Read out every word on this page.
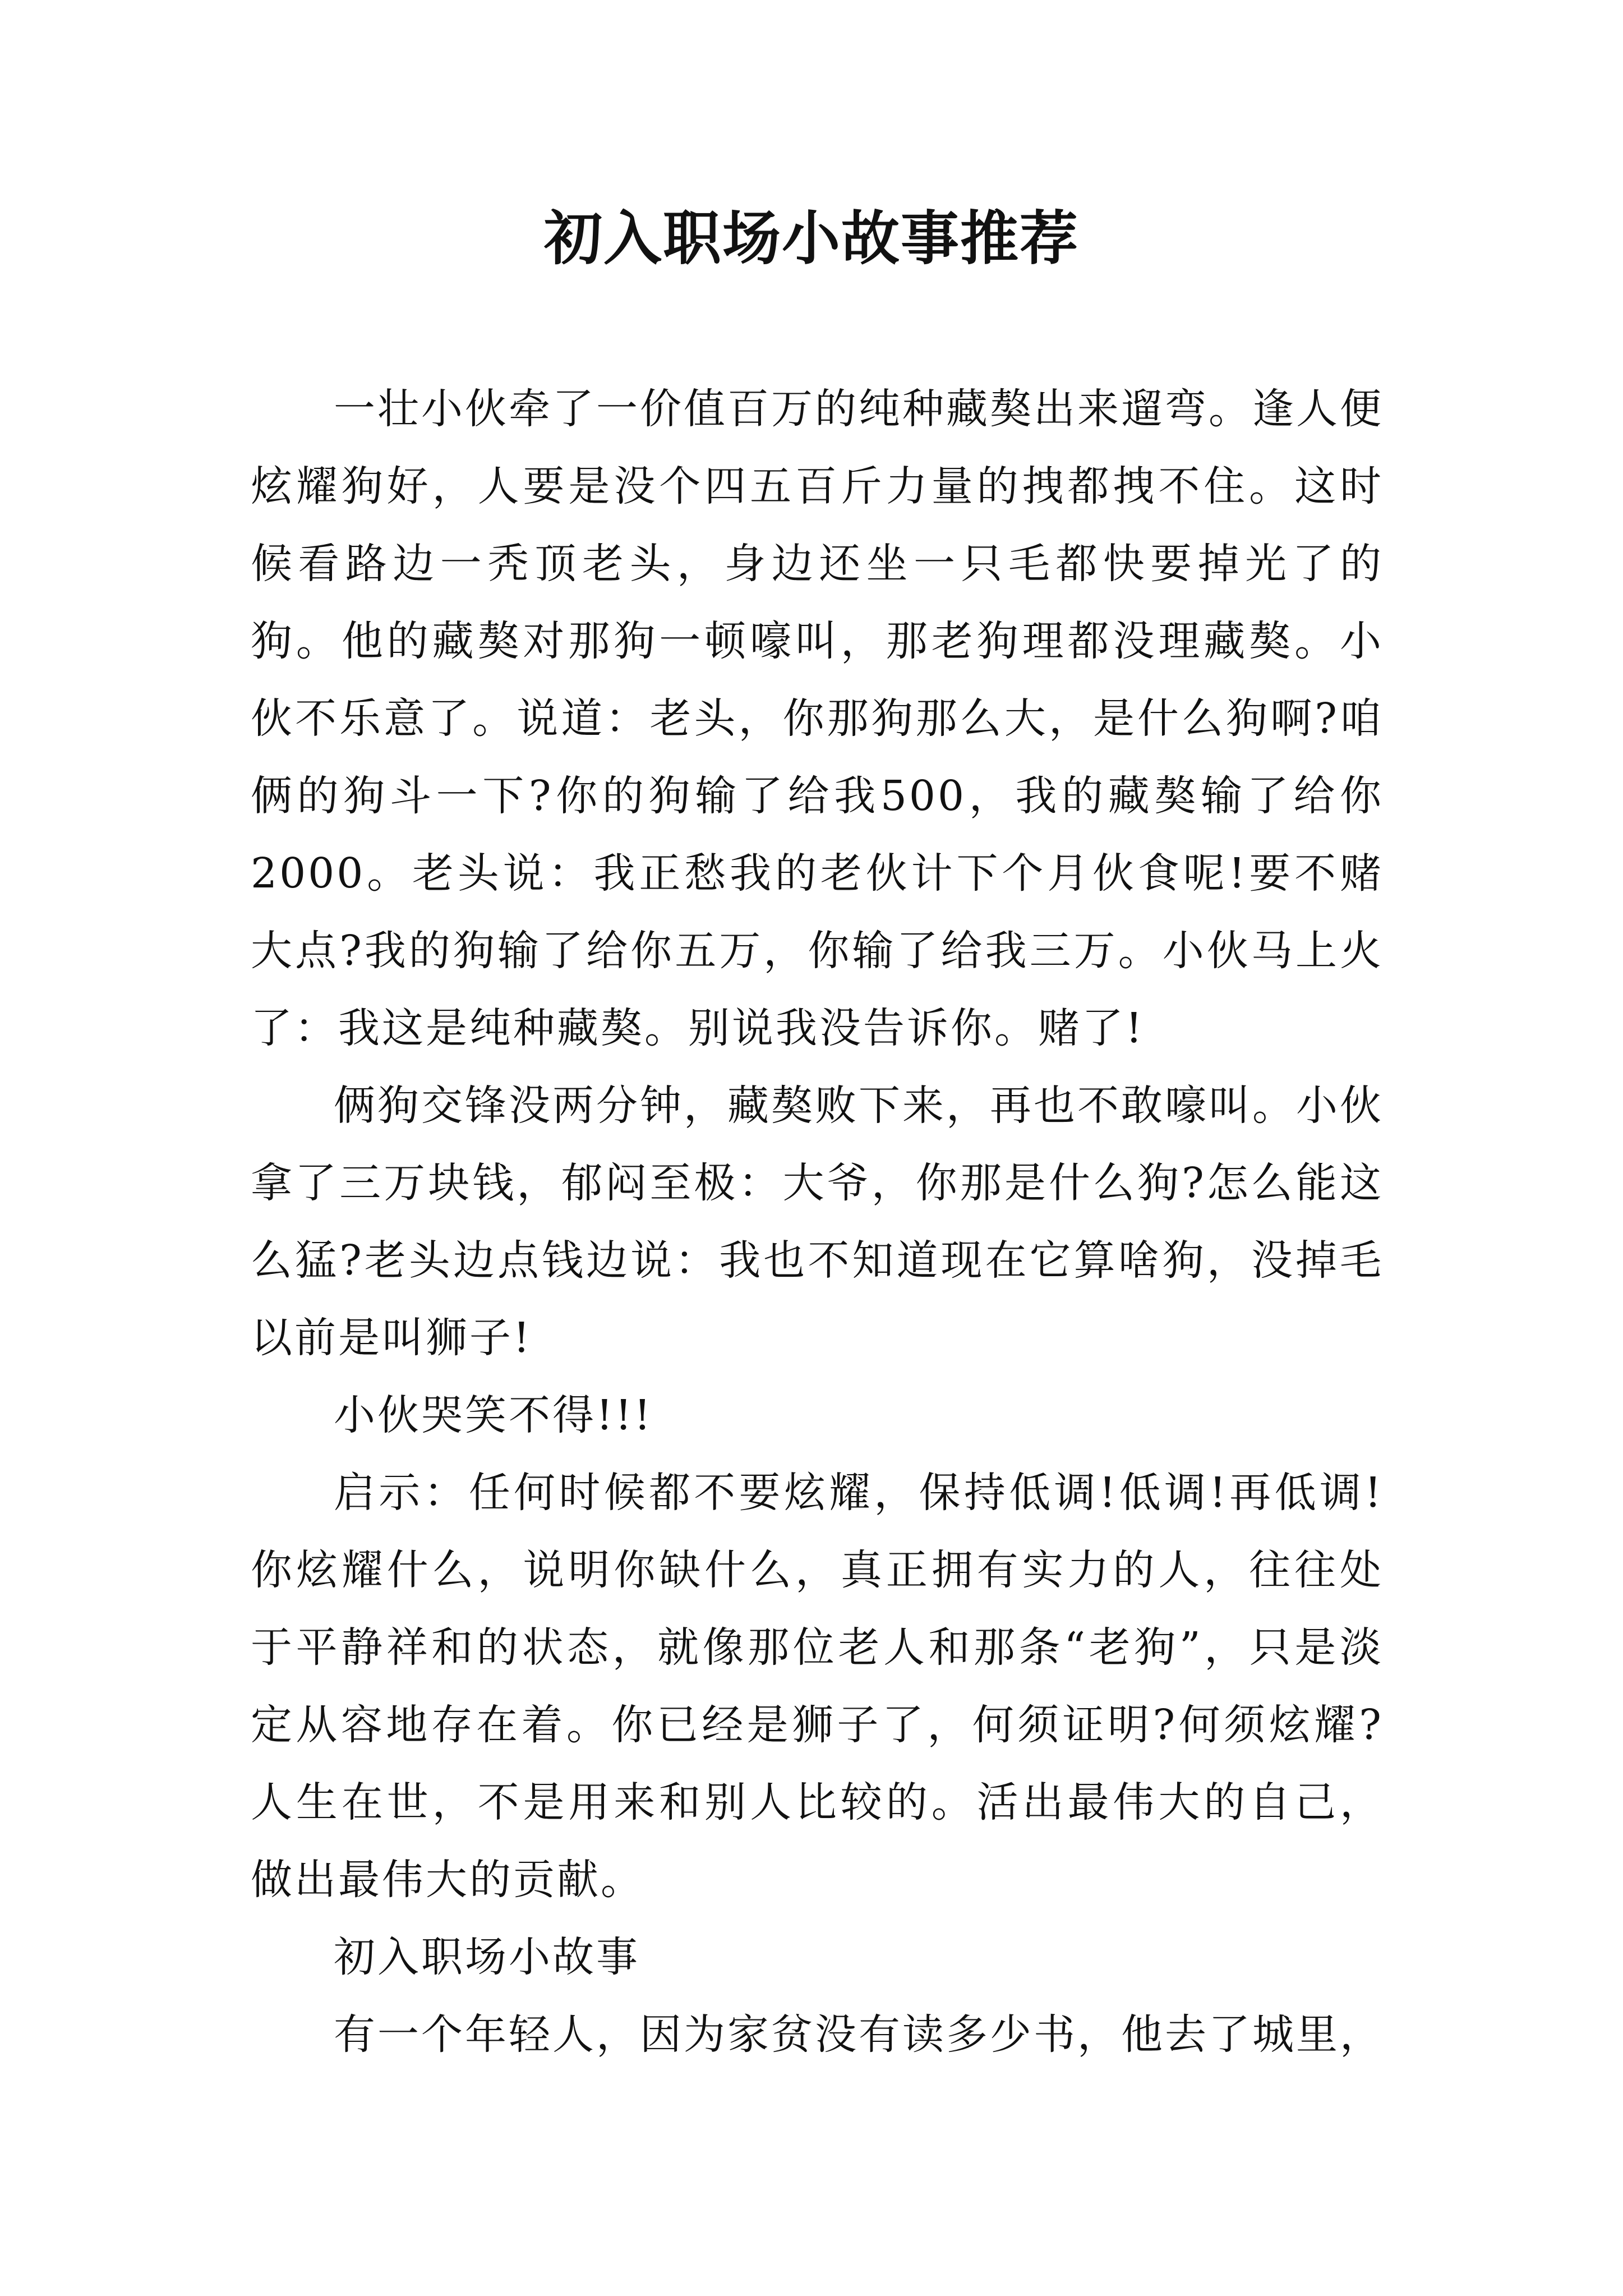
初入职场小故事推荐

一壮小伙牵了一价值百万的纯种藏獒出来遛弯。逢人便炫耀狗好，人要是没个四五百斤力量的拽都拽不住。这时候看路边一秃顶老头，身边还坐一只毛都快要掉光了的狗。他的藏獒对那狗一顿嚎叫，那老狗理都没理藏獒。小伙不乐意了。说道：老头，你那狗那么大，是什么狗啊?咱俩的狗斗一下?你的狗输了给我500，我的藏獒输了给你2000。老头说：我正愁我的老伙计下个月伙食呢!要不赌大点?我的狗输了给你五万，你输了给我三万。小伙马上火了：我这是纯种藏獒。别说我没告诉你。赌了!

俩狗交锋没两分钟，藏獒败下来，再也不敢嚎叫。小伙拿了三万块钱，郁闷至极：大爷，你那是什么狗?怎么能这么猛?老头边点钱边说：我也不知道现在它算啥狗，没掉毛以前是叫狮子!

小伙哭笑不得!!!

启示：任何时候都不要炫耀，保持低调!低调!再低调!你炫耀什么，说明你缺什么，真正拥有实力的人，往往处于平静祥和的状态，就像那位老人和那条“老狗”，只是淡定从容地存在着。你已经是狮子了，何须证明?何须炫耀?人生在世，不是用来和别人比较的。活出最伟大的自己，做出最伟大的贡献。

初入职场小故事

有一个年轻人，因为家贫没有读多少书，他去了城里，
